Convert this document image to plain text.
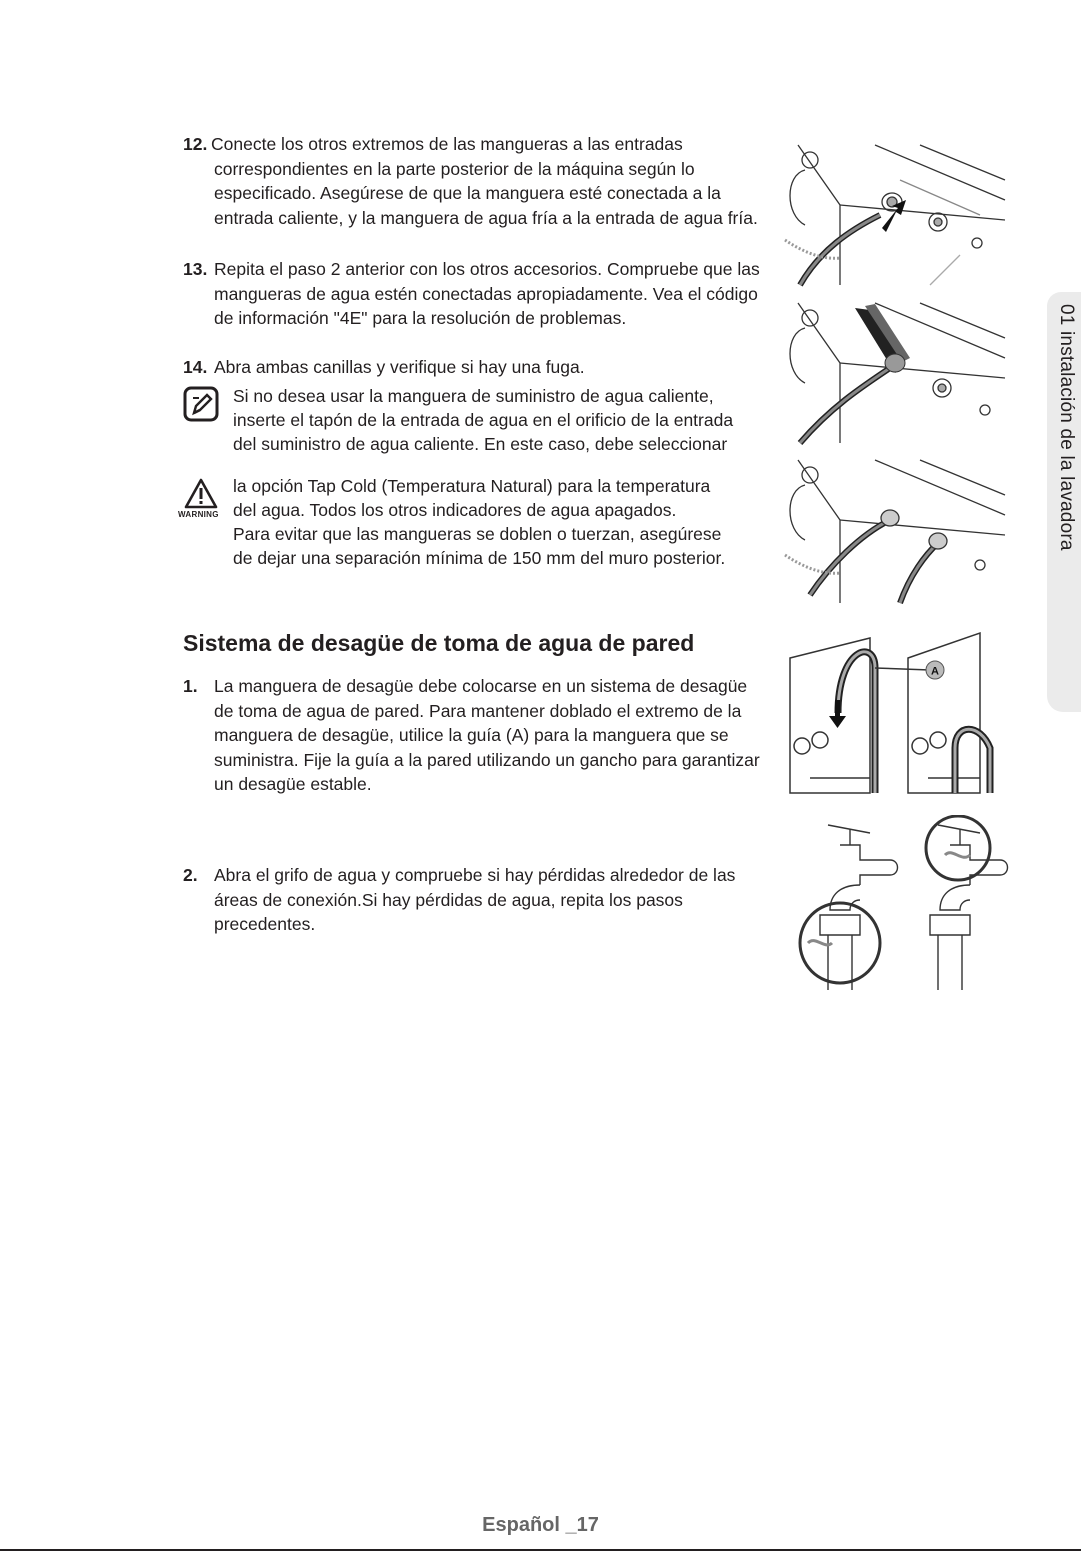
12. Conecte los otros extremos de las mangueras a las entradas correspondientes en la parte posterior de la máquina según lo especificado. Asegúrese de que la manguera esté conectada a la entrada caliente, y la manguera de agua fría a la entrada de agua fría.
13. Repita el paso 2 anterior con los otros accesorios. Compruebe que las mangueras de agua estén conectadas apropiadamente. Vea el código de información "4E" para la resolución de problemas.
14. Abra ambas canillas y verifique si hay una fuga.
Si no desea usar la manguera de suministro de agua caliente,
inserte el tapón de la entrada de agua en el orificio de la entrada
del suministro de agua caliente. En este caso, debe seleccionar
WARNING
la opción Tap Cold (Temperatura Natural) para la temperatura
del agua. Todos los otros indicadores de agua apagados.
Para evitar que las mangueras se doblen o tuerzan, asegúrese
de dejar una separación mínima de 150 mm del muro posterior.
Sistema de desagüe de toma de agua de pared
1. La manguera de desagüe debe colocarse en un sistema de desagüe de toma de agua de pared. Para mantener doblado el extremo de la manguera de desagüe, utilice la guía (A) para la manguera que se suministra. Fije la guía a la pared utilizando un gancho para garantizar un desagüe estable.
2. Abra el grifo de agua y compruebe si hay pérdidas alrededor de las áreas de conexión.Si hay pérdidas de agua, repita los pasos precedentes.
A
01 instalación de la lavadora
Español _17
